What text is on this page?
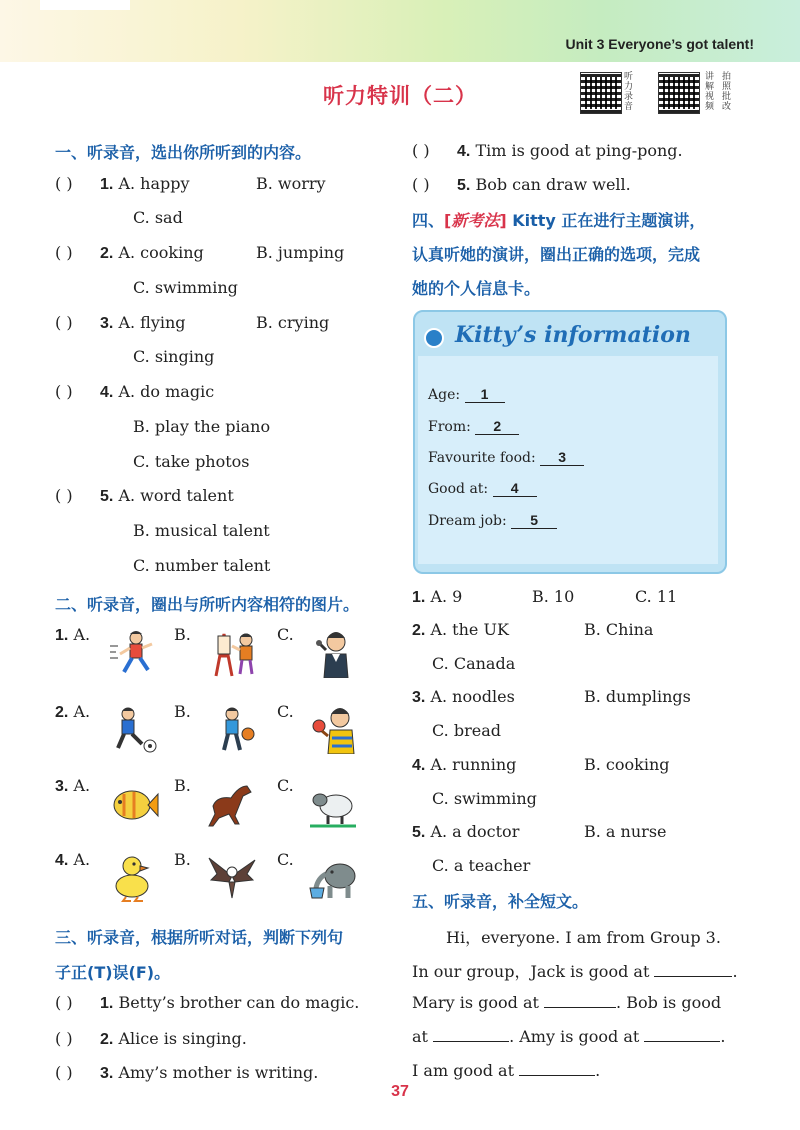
Unit 3 Everyone’s got talent!
听力特训（二）
听力录音
讲解视频
拍照批改
一、听录音，选出你所听到的内容。
( ) 1. A. happy	B. worry
C. sad
( ) 2. A. cooking	B. jumping
C. swimming
( ) 3. A. flying	B. crying
C. singing
( ) 4. A. do magic
B. play the piano
C. take photos
( ) 5. A. word talent
B. musical talent
C. number talent
二、听录音，圈出与所听内容相符的图片。
1. A.	B.	C.
2. A.	B.	C.
3. A.	B.	C.
4. A.	B.	C.
三、听录音，根据所听对话，判断下列句
子正(T)误(F)。
( ) 1. Betty’s brother can do magic.
( ) 2. Alice is singing.
( ) 3. Amy’s mother is writing.
( ) 4. Tim is good at ping-pong.
( ) 5. Bob can draw well.
四、[新考法] Kitty 正在进行主题演讲，
认真听她的演讲，圈出正确的选项，完成
她的个人信息卡。
Kitty’s information
Age: 1
From: 2
Favourite food: 3
Good at: 4
Dream job: 5
1. A. 9	B. 10	C. 11
2. A. the UK	B. China
C. Canada
3. A. noodles	B. dumplings
C. bread
4. A. running	B. cooking
C. swimming
5. A. a doctor	B. a nurse
C. a teacher
五、听录音，补全短文。
Hi，everyone. I am from Group 3.
In our group，Jack is good at	.
Mary is good at	. Bob is good
at	. Amy is good at	.
I am good at	.
37
